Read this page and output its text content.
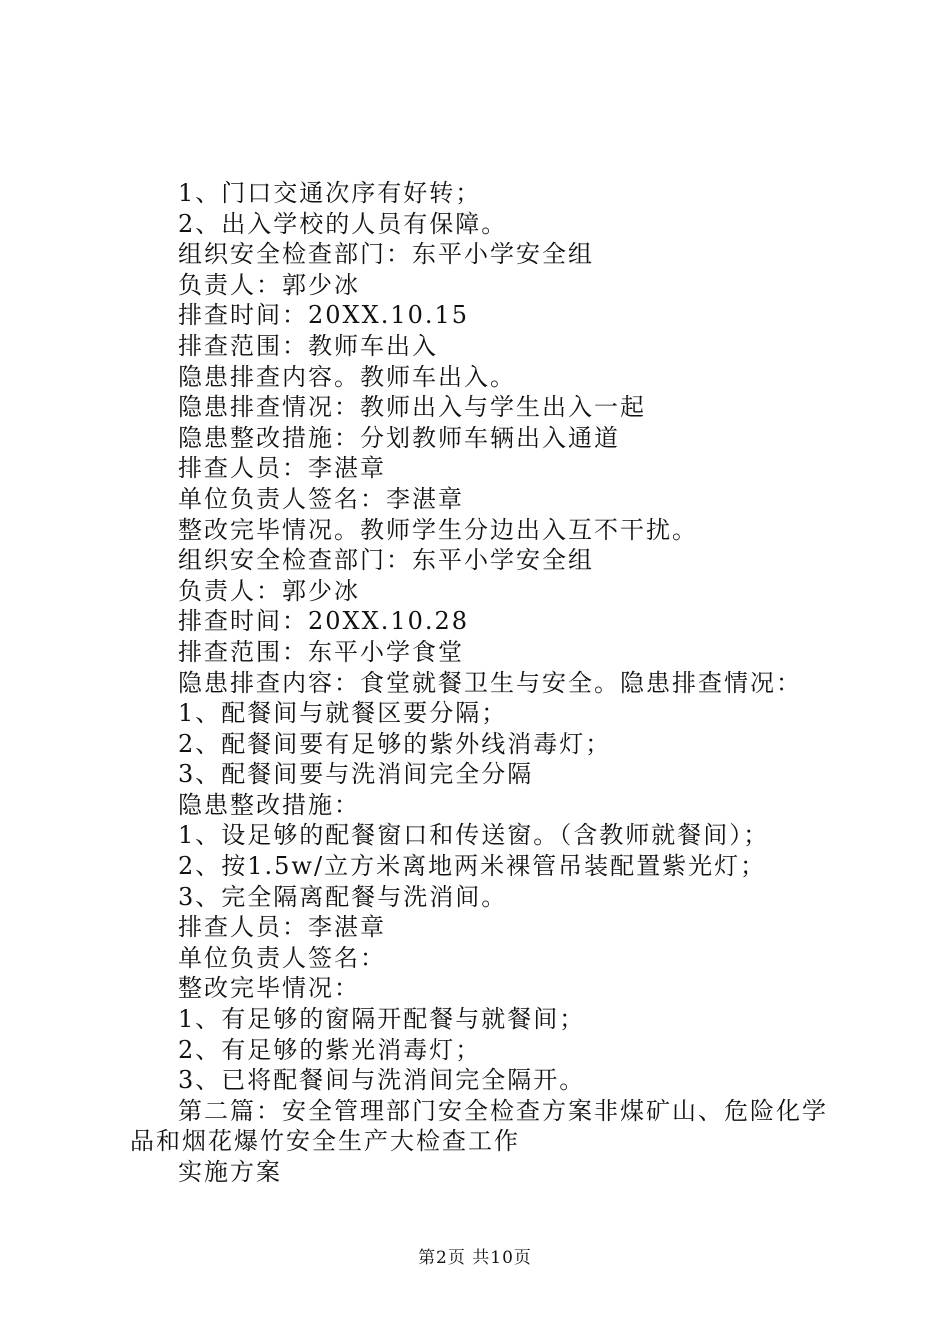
1、门口交通次序有好转；
2、出入学校的人员有保障。
组织安全检查部门：东平小学安全组
负责人：郭少冰
排查时间：20XX.10.15
排查范围：教师车出入
隐患排查内容。教师车出入。
隐患排查情况：教师出入与学生出入一起
隐患整改措施：分划教师车辆出入通道
排查人员：李湛章
单位负责人签名：李湛章
整改完毕情况。教师学生分边出入互不干扰。
组织安全检查部门：东平小学安全组
负责人：郭少冰
排查时间：20XX.10.28
排查范围：东平小学食堂
隐患排查内容：食堂就餐卫生与安全。隐患排查情况：
1、配餐间与就餐区要分隔；
2、配餐间要有足够的紫外线消毒灯；
3、配餐间要与洗消间完全分隔
隐患整改措施：
1、设足够的配餐窗口和传送窗。（含教师就餐间）；
2、按1.5w/立方米离地两米裸管吊装配置紫光灯；
3、完全隔离配餐与洗消间。
排查人员：李湛章
单位负责人签名：
整改完毕情况：
1、有足够的窗隔开配餐与就餐间；
2、有足够的紫光消毒灯；
3、已将配餐间与洗消间完全隔开。
第二篇：安全管理部门安全检查方案非煤矿山、危险化学品和烟花爆竹安全生产大检查工作
实施方案
第2页 共10页
